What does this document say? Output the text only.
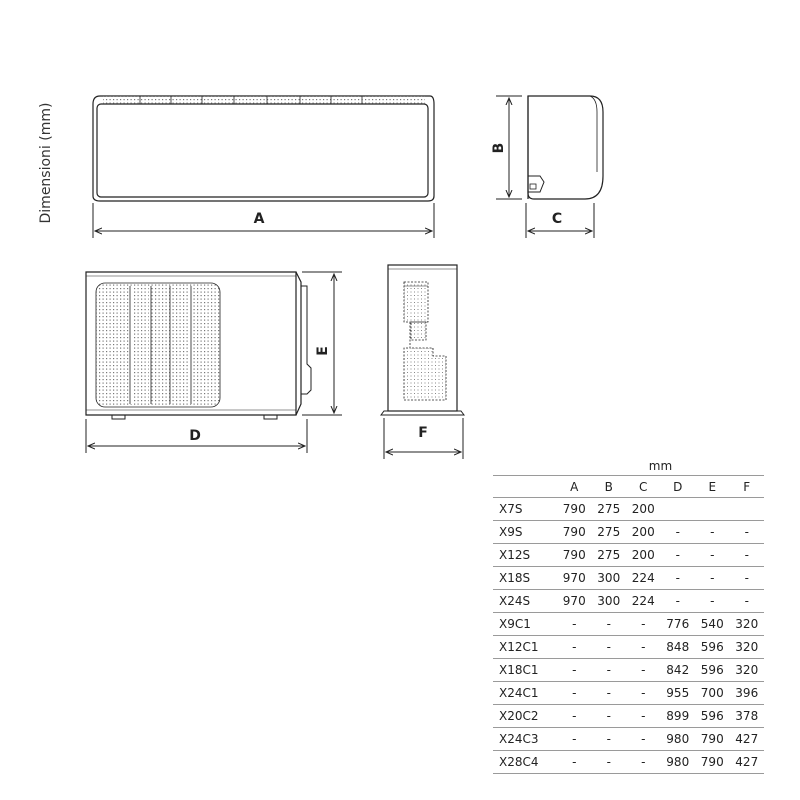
Dimensioni (mm)	A
B
C
D
E
F
	mm					
	A	B	C	D	E	F
X7S	790	275	200			
X9S	790	275	200	-	-	-
X12S	790	275	200	-	-	-
X18S	970	300	224	-	-	-
X24S	970	300	224	-	-	-
X9C1	-	-	-	776	540	320
X12C1	-	-	-	848	596	320
X18C1	-	-	-	842	596	320
X24C1	-	-	-	955	700	396
X20C2	-	-	-	899	596	378
X24C3	-	-	-	980	790	427
X28C4	-	-	-	980	790	427
